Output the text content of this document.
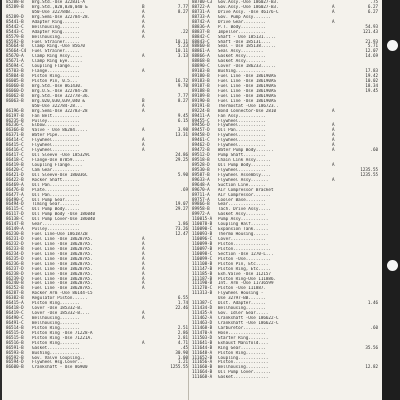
85288-B	Brg.Std.-Use 322831-A
85289-B	Brg.Std.,020,030,040 &	B	7.77
050-Use 322784B......	A	8.27
85289-D	Brg.Semi-Use 322784-28.	A
85441-B	Adapter Ring.......	A
85442-C	Bellhousing........	A
85443-C	Adapter Ring.......	A	.22
85579-B	Bellhousing........	A
85592-B	Fuel Strainer......	10.11
85664-B	Clamp Ring.-Use 85670	5.23
85664-C4	Fuel Strainer......	10.11
85670-A	Clamp Ring Assy.....	A	3.13
85671-A	Clamp Ring Eye......
85694-C	Coupling Flange....
85703-B	Flange.............	A
85804-B	Piston Ring........
86005-B	Piston Pin, 0.5...	16.72
86060-B	Brg.Std.-Use 861430.	9.70
86060-D	Brg.U.S.-Use 322784-28
86062-B	Brg.Std.-Use 322778-36.	7.77
86063-B	Brg.020,030,039,040 &	B	8.27
050-Use 322784-28...	A
86196-B	Brg.Semi-Use 322783-28	A
86197-B	Fan Belt...........	9.45
86235-B	Pulley.............	6.15
86236-C	Elbow..............
86366-B	Valve - Use 86284.....	A	3.98
86371-B	Water Pipe.........	13.31
86414-C	Flywheel...........	A
86415-C	Flywheel...........	A
86416-C	Flywheel...........	A
86417-C	Oil Sleeve -Use 185329C	24.86
86418-C	Flange-Use 87859.....	29.25
86419-B	Coupling Flange.....
86420-C	Cam Gear...........
86421-D	Oil Sleeve-Use 186036C	5.90
86422-B	Rocker Shaft.......
86469-A	Oil Pan............
86476-B	Plate..............	.69
86477-A	Oil Pan............
86490-C	Oil Pump Gear......
86494-D	Timing Gear........	19.07
86115-C	Oil Pump Body......	29.27
86117-D	Oil Pump Body -Use 186040
86138-C	Oil Pump Cover-Use 186040
86147-B	Gear...............	1.86
86149-A	Pulley.............	73.26
86230-B	Fuel Line-Use 186187ZB	12.47
86231-D	Fuel Line -Use 186287A5.	A
86232-D	Fuel Line -Use 186287A5.	A
86233-B	Fuel Line -Use 186287A5.	A
86234-D	Fuel Line -Use 186287A5.	A
86235-D	Fuel Line -Use 186287A5.	A
86236-B	Fuel Line -Use 186287A5.	A
86237-D	Fuel Line -Use 186287A5.	A
86238-D	Fuel Line -Use 186287A5.	A
86239-D	Fuel Line -Use 186287A5.	A
86240-B	Fuel Line -Use 186287A5.	A
86252-B	Fuel Line -Use 186287A5.	A
86287-B	Rocker Arm -Use 86144-C5
86382-B	Regulator Piston......	6.55
86415-A	Piston Ring........	1.74
86418-D	Cover -Use 185332-B.	22.46
86419-C	Cover -Use 185332-B....	A
86490-C	Bellhousing........	A
86491-C	Bellhousing........
86514-B	Piston Ring........	2.51
86515-D	Piston Ring -Use 71228-A	2.86
86515-B	Piston Ring -Use 71221A.	2.81
86516-B	Piston Ring........	A	4.71
86591-B	Gasket.............	.45
86593-B	Bushing............	30.90
86592-B	Gov. Valve Coupling..	1.00
86594-D	Flywheel Hsg.Cover..	1.21
86600-B	Crankshaft - Use 86900	1255.55
88700-C3	Gov.Assy.-Use 186027-B3.	.75
88722-A	Gov.Assy.-Use 186027-B3.	A	6.27
88731-A	Drive Assy. -Use 46176-C	A	6.27
88733-A	Gov. Pump Assy.......
88742-A	Drive Gear.........	A
88836-A	P.T. Body..........	54.93
88837-B	Impeller...........	121.43
88842-C	Shaft - Use 185131.....
88843-C	Shaft -Use 185131....	21.93
88860-B	Seal - Use 185138......	5.71
88861-A	Seal Assy.........	12.07
88866-A	Gasket Assy........	14.69
88868-B	Gasket Assy........
88890-C	Cover -Use 186233......
89103-B	Bushing............	17.83
89180-B	Fuel Line -Use 186190AS	19.42
89183-B	Fuel Line -Use 186190AS	10.02
89187-B	Fuel Line -Use 186190AS	18.34
89188-B	Fuel Line -Use 186190AS	19.45
89189-B	Fuel Line -Use 186190AS
89190-B	Fuel Line -Use 186190AS
89191-B	Thermostat -Use 186723..
89224-B	Bond Connector-Use 2810	A
89411-A	Fan Assy...........
89455-C	Flywheel...........
89456-D	Flywheel...........	A
89457-D	Oil Pan............	A
89458-D	Flywheel...........	A
89461-C	Flywheel...........	A
89462-D	Flywheel...........	A
89472-B	Water Pump Body.......	A	.60
89512-D	Pump Shaft.........
89518-B	Chain Link Assy......
89528-D	Oil Pump Body........	A
89530-B	Flywheel...........	1235.55
89587-B	Flywheel Assembly....	1235.55
89633-A	Flywheel Assy.......	A
89648-A	Suction Line.......
89670-A	Air Compressor Bracket
89711-A	Air Compressor.......
89757-A	Cooler Base........
89866-B	Gear...............
89958-B	Tach. Drive Assy.....
89972-A	Gasket Assy........
110015-A	Pump Assy...........
110078-B	Coupling Half.......
110090-C	Expansion Tank......
110093-B	Thermo Housing......
110096-C	Cover..............
110099-B	Piston..............
110097-B	Piston...............
110098-C	Section -Use 1270-L...
110099-C	Piston -Use..........
111108-B	Piston Pin, Etc.....
111147-B	Piston Ring, Etc.....
111185-B	Exh.Valve -Use 112157
111187-B	Piston Ring-Use 111886.
111190-B	Int. Arm -Use 11736599
111270-C	Piston -Use 111887.
111313-B	Flywheel Housing -
Use 32797-BB.......
111387-C	Dist. Adapter......	1.46
111434-D	Bellhousing........
111435-A	Gov. Idler Gear.....
111462-A	Crankshaft -Use 186622-C
111463-D	Crankshaft -Use 186622-C
111468-B	Carburetor..........	.60
111470-A	Hose...............
111503-D	Starter Ring........
111641-B	Exhaust Manifold....
111644-B	Ring Gear..........	35.56
111648-A	Piston Ring........
111652-B	Coupling............
111656-A	Piston..............
111660-B	Bellhousing.........	12.82
111664-B	Oil Pump Cover.......
111668-A	Gasket..............
